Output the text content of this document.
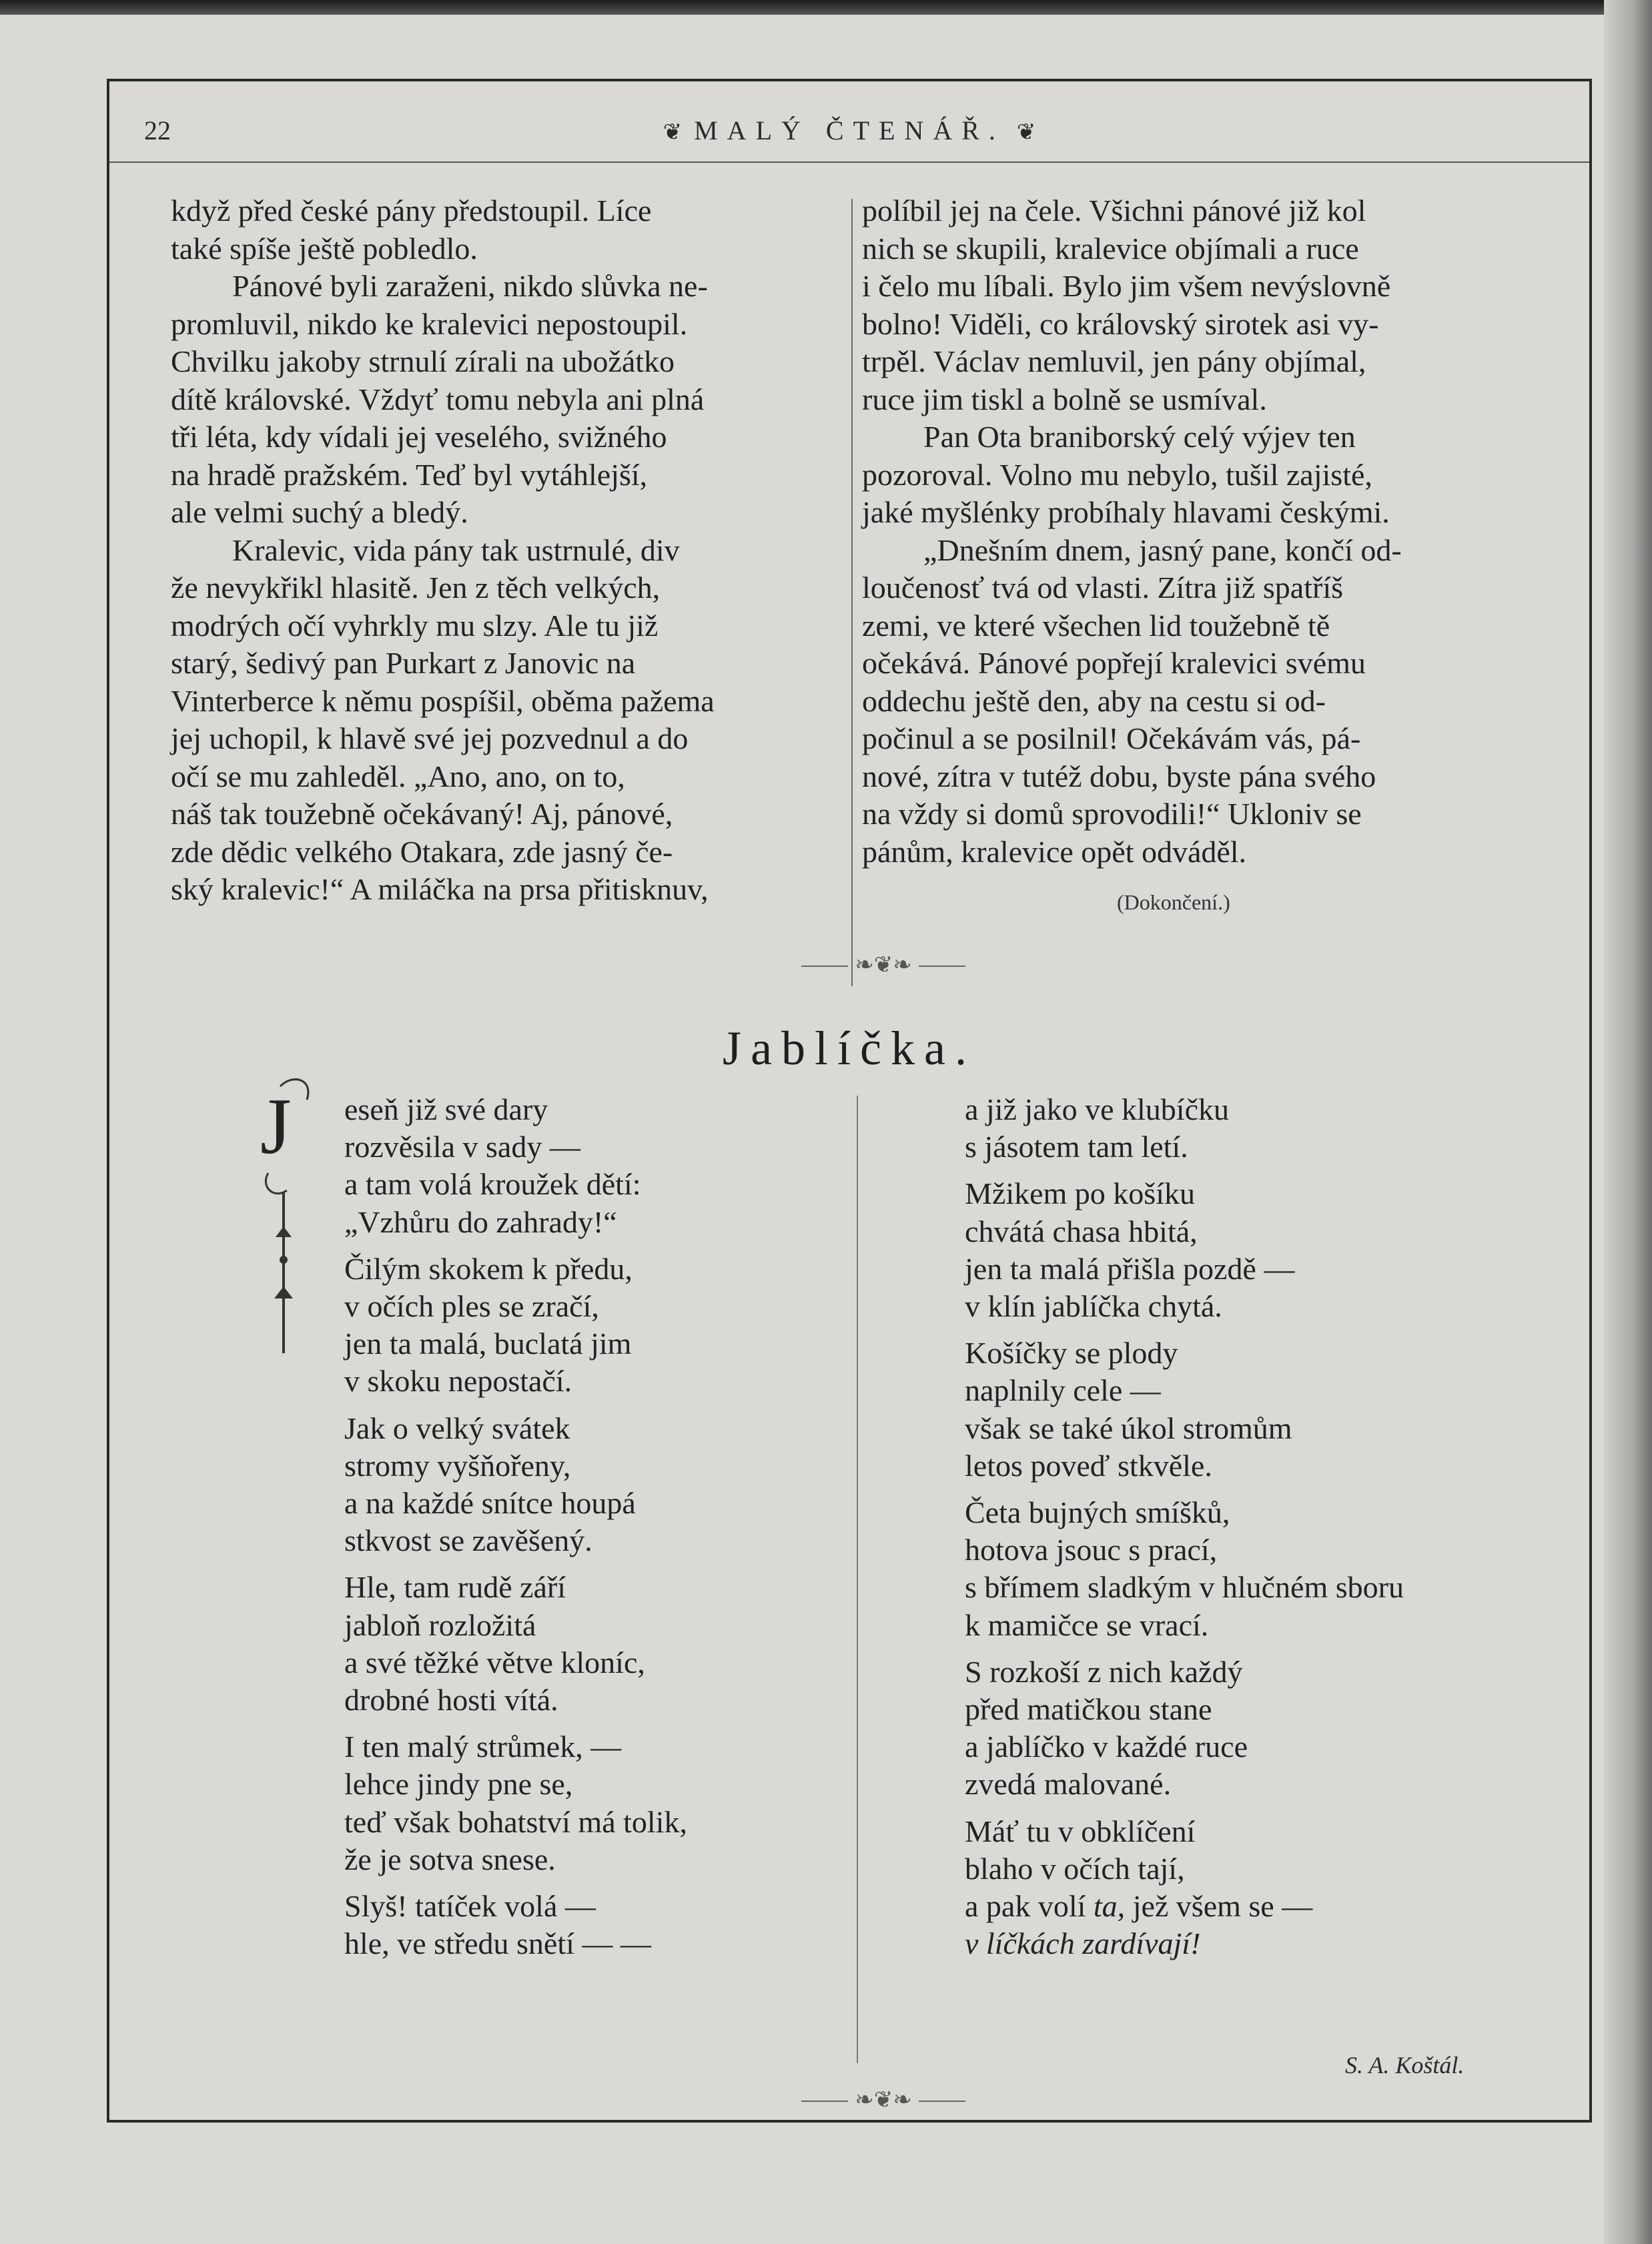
22	❦ MALÝ ČTENÁŘ. ❦

když před české pány předstoupil. Líce
také spíše ještě pobledlo.

Pánové byli zaraženi, nikdo slůvka ne-
promluvil, nikdo ke kralevici nepostoupil.
Chvilku jakoby strnulí zírali na ubožátko
dítě královské. Vždyť tomu nebyla ani plná
tři léta, kdy vídali jej veselého, svižného
na hradě pražském. Teď byl vytáhlejší,
ale velmi suchý a bledý.

Kralevic, vida pány tak ustrnulé, div
že nevykřikl hlasitě. Jen z těch velkých,
modrých očí vyhrkly mu slzy. Ale tu již
starý, šedivý pan Purkart z Janovic na
Vinterberce k němu pospíšil, oběma pažema
jej uchopil, k hlavě své jej pozvednul a do
očí se mu zahleděl. „Ano, ano, on to,
náš tak toužebně očekávaný! Aj, pánové,
zde dědic velkého Otakara, zde jasný če-
ský kralevic!“ A miláčka na prsa přitisknuv,

políbil jej na čele. Všichni pánové již kol
nich se skupili, kralevice objímali a ruce
i čelo mu líbali. Bylo jim všem nevýslovně
bolno! Viděli, co královský sirotek asi vy-
trpěl. Václav nemluvil, jen pány objímal,
ruce jim tiskl a bolně se usmíval.

Pan Ota braniborský celý výjev ten
pozoroval. Volno mu nebylo, tušil zajisté,
jaké myšlénky probíhaly hlavami českými.

„Dnešním dnem, jasný pane, končí od-
loučenosť tvá od vlasti. Zítra již spatříš
zemi, ve které všechen lid toužebně tě
očekává. Pánové popřejí kralevici svému
oddechu ještě den, aby na cestu si od-
počinul a se posilnil! Očekávám vás, pá-
nové, zítra v tutéž dobu, byste pána svého
na vždy si domů sprovodili!“ Ukloniv se
pánům, kralevice opět odváděl.

(Dokončení.)
❧❦❧
Jablíčka.
J eseň již své dary
rozvěsila v sady —
a tam volá kroužek dětí:
„Vzhůru do zahrady!“
Čilým skokem k předu,
v očích ples se zračí,
jen ta malá, buclatá jim
v skoku nepostačí.
Jak o velký svátek
stromy vyšňořeny,
a na každé snítce houpá
stkvost se zavěšený.
Hle, tam rudě září
jabloň rozložitá
a své těžké větve kloníc,
drobné hosti vítá.
I ten malý strůmek, —
lehce jindy pne se,
teď však bohatství má tolik,
že je sotva snese.
Slyš! tatíček volá —
hle, ve středu snětí — —
a již jako ve klubíčku
s jásotem tam letí.
Mžikem po košíku
chvátá chasa hbitá,
jen ta malá přišla pozdě —
v klín jablíčka chytá.
Košíčky se plody
naplnily cele —
však se také úkol stromům
letos poveď stkvěle.
Četa bujných smíšků,
hotova jsouc s prací,
s břímem sladkým v hlučném sboru
k mamičce se vrací.
S rozkoší z nich každý
před matičkou stane
a jablíčko v každé ruce
zvedá malované.
Máť tu v obklíčení
blaho v očích tají,
a pak volí ta, jež všem se —
v líčkách zardívají!
S. A. Koštál.
❧❦❧
